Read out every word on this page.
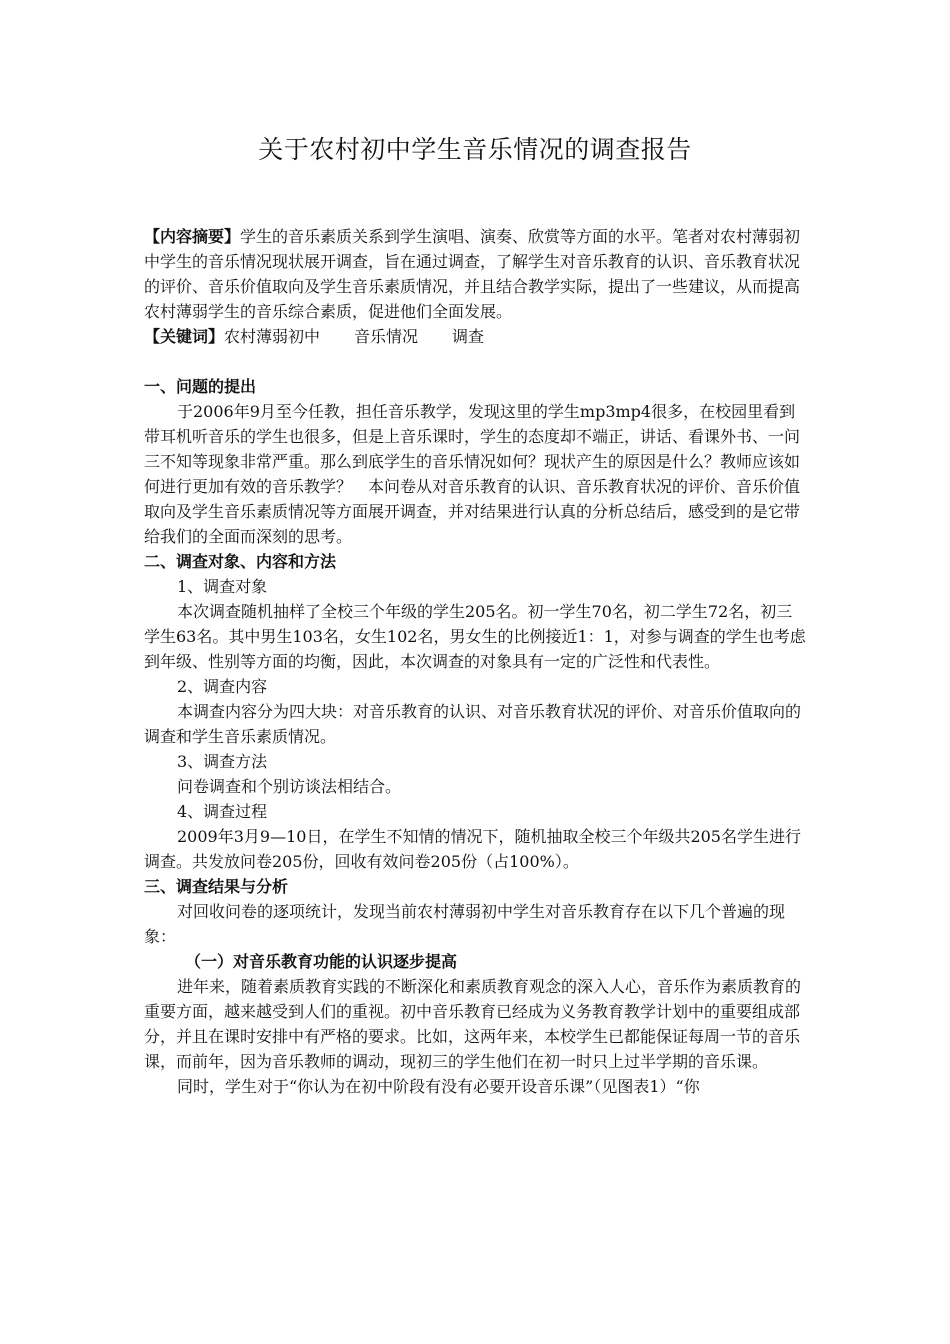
关于农村初中学生音乐情况的调查报告

【内容摘要】学生的音乐素质关系到学生演唱、演奏、欣赏等方面的水平。笔者对农村薄弱初中学生的音乐情况现状展开调查，旨在通过调查，了解学生对音乐教育的认识、音乐教育状况的评价、音乐价值取向及学生音乐素质情况，并且结合教学实际，提出了一些建议，从而提高农村薄弱学生的音乐综合素质，促进他们全面发展。

【关键词】农村薄弱初中 音乐情况 调查

一、问题的提出

于2006年9月至今任教，担任音乐教学，发现这里的学生mp3mp4很多，在校园里看到带耳机听音乐的学生也很多，但是上音乐课时，学生的态度却不端正，讲话、看课外书、一问三不知等现象非常严重。那么到底学生的音乐情况如何？现状产生的原因是什么？教师应该如何进行更加有效的音乐教学？　本问卷从对音乐教育的认识、音乐教育状况的评价、音乐价值取向及学生音乐素质情况等方面展开调查，并对结果进行认真的分析总结后，感受到的是它带给我们的全面而深刻的思考。

二、调查对象、内容和方法

1、调查对象

本次调查随机抽样了全校三个年级的学生205名。初一学生70名，初二学生72名，初三学生63名。其中男生103名，女生102名，男女生的比例接近1：1，对参与调查的学生也考虑到年级、性别等方面的均衡，因此，本次调查的对象具有一定的广泛性和代表性。

2、调查内容

本调查内容分为四大块：对音乐教育的认识、对音乐教育状况的评价、对音乐价值取向的调查和学生音乐素质情况。

3、调查方法

问卷调查和个别访谈法相结合。

4、调查过程

2009年3月9—10日，在学生不知情的情况下，随机抽取全校三个年级共205名学生进行调查。共发放问卷205份，回收有效问卷205份（占100%）。

三、调查结果与分析

对回收问卷的逐项统计，发现当前农村薄弱初中学生对音乐教育存在以下几个普遍的现象：

（一）对音乐教育功能的认识逐步提高

进年来，随着素质教育实践的不断深化和素质教育观念的深入人心，音乐作为素质教育的重要方面，越来越受到人们的重视。初中音乐教育已经成为义务教育教学计划中的重要组成部分，并且在课时安排中有严格的要求。比如，这两年来，本校学生已都能保证每周一节的音乐课，而前年，因为音乐教师的调动，现初三的学生他们在初一时只上过半学期的音乐课。

同时，学生对于“你认为在初中阶段有没有必要开设音乐课”（见图表1）“你
